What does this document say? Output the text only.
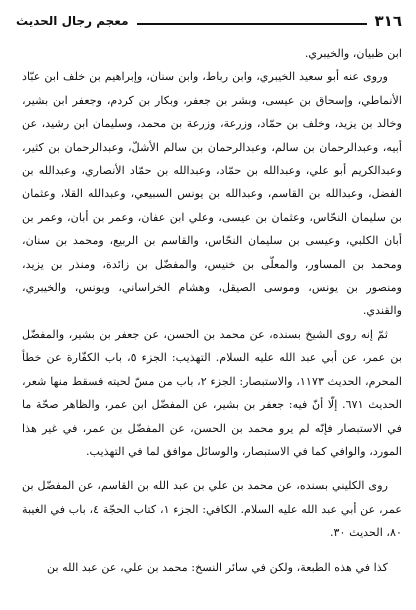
٣١٦
معجم رجال الحديث

ابن ظبيان، والخيبري.

وروى عنه أبو سعيد الخيبري، وابن رباط، وابن سنان، وإبراهيم بن خلف ابن عبّاد الأنماطي، وإسحاق بن عيسى، وبشر بن جعفر، وبكار بن كردم، وجعفر ابن بشير، وخالد بن يزيد، وخلف بن حمّاد، وزرعة، وزرعة بن محمد، وسليمان ابن رشيد، عن أبيه، وعبدالرحمان بن سالم، وعبدالرحمان بن سالم الأشلّ، وعبدالرحمان بن كثير، وعبدالكريم أبو علي، وعبدالله بن حمّاد، وعبدالله بن حمّاد الأنصاري، وعبدالله بن الفضل، وعبدالله بن القاسم، وعبدالله بن يونس السبيعي، وعبدالله القلا، وعثمان بن سليمان النحّاس، وعثمان بن عيسى، وعلي ابن عفان، وعمر بن أبان، وعمر بن أبان الكلبي، وعيسى بن سليمان النحّاس، والقاسم بن الربيع، ومحمد بن سنان، ومحمد بن المساور، والمعلّى بن خنيس، والمفضّل بن زائدة، ومنذر بن يزيد، ومنصور بن يونس، وموسى الصيقل، وهشام الخراساني، ويونس، والخيبري، والقندي.

ثمّ إنه روى الشيخ بسنده، عن محمد بن الحسن، عن جعفر بن بشير، والمفضّل بن عمر، عن أبي عبد الله عليه السلام. التهذيب: الجزء ٥، باب الكفّارة عن خطأ المحرم، الحديث ١١٧٣، والاستبصار: الجزء ٢، باب من مسّ لحيته فسقط منها شعر، الحديث ٦٧١. إلّا أنّ فيه: جعفر بن بشير، عن المفضّل ابن عمر، والظاهر صحّة ما في الاستبصار فإنّه لم يرو محمد بن الحسن، عن المفضّل بن عمر، في غير هذا المورد، والوافي كما في الاستبصار، والوسائل موافق لما في التهذيب.

روى الكليني بسنده، عن محمد بن علي بن عبد الله بن القاسم، عن المفضّل بن عمر، عن أبي عبد الله عليه السلام. الكافي: الجزء ١، كتاب الحجّة ٤، باب في الغيبة ٨٠، الحديث ٣٠.

كذا في هذه الطبعة، ولكن في سائر النسخ: محمد بن علي، عن عبد الله بن
